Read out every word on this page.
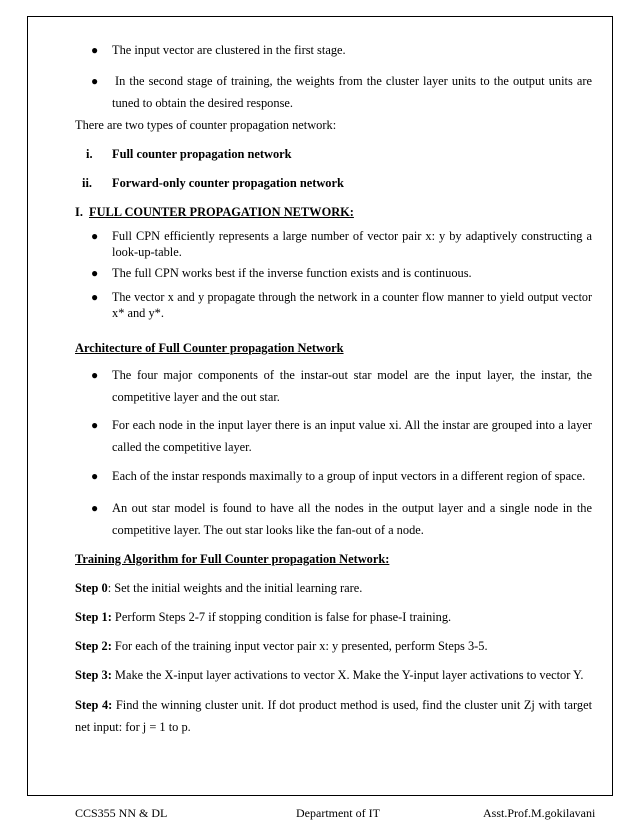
● The input vector are clustered in the first stage.
● In the second stage of training, the weights from the cluster layer units to the output units are
tuned to obtain the desired response.
There are two types of counter propagation network:
i. Full counter propagation network
ii. Forward-only counter propagation network
I. FULL COUNTER PROPAGATION NETWORK:
● Full CPN efficiently represents a large number of vector pair x: y by adaptively constructing a
look-up-table.
● The full CPN works best if the inverse function exists and is continuous.
● The vector x and y propagate through the network in a counter flow manner to yield output vector
x* and y*.
Architecture of Full Counter propagation Network
● The four major components of the instar-out star model are the input layer, the instar, the
competitive layer and the out star.
● For each node in the input layer there is an input value xi. All the instar are grouped into a layer
called the competitive layer.
● Each of the instar responds maximally to a group of input vectors in a different region of space.
● An out star model is found to have all the nodes in the output layer and a single node in the
competitive layer. The out star looks like the fan-out of a node.
Training Algorithm for Full Counter propagation Network:
Step 0: Set the initial weights and the initial learning rare.
Step 1: Perform Steps 2-7 if stopping condition is false for phase-I training.
Step 2: For each of the training input vector pair x: y presented, perform Steps 3-5.
Step 3: Make the X-input layer activations to vector X. Make the Y-input layer activations to vector Y.
Step 4: Find the winning cluster unit. If dot product method is used, find the cluster unit Zj with target
net input: for j = 1 to p.
CCS355 NN & DL	Department of IT	Asst.Prof.M.gokilavani
